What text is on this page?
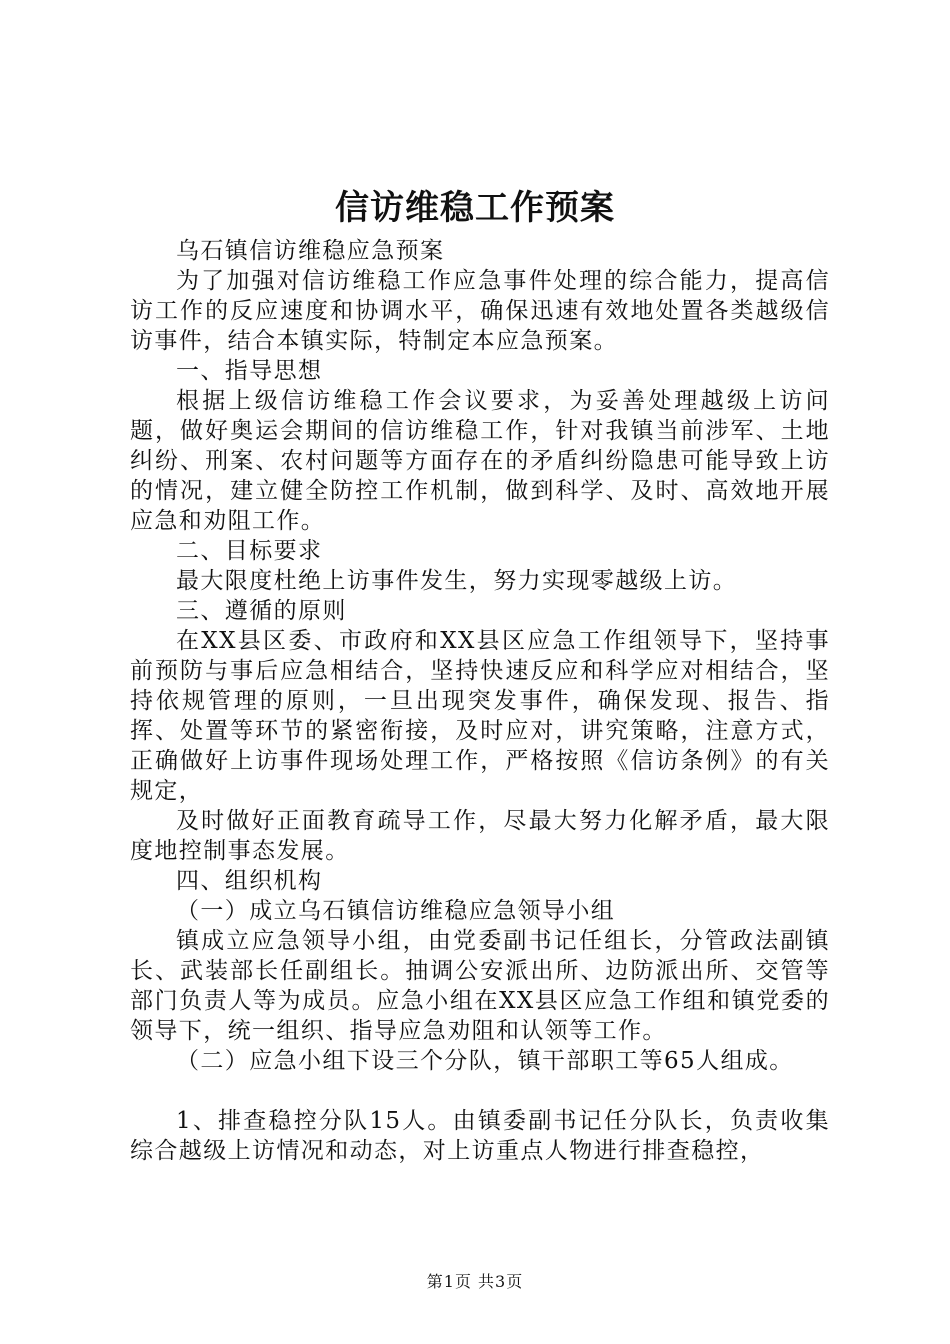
信访维稳工作预案

乌石镇信访维稳应急预案

为了加强对信访维稳工作应急事件处理的综合能力，提高信访工作的反应速度和协调水平，确保迅速有效地处置各类越级信访事件，结合本镇实际，特制定本应急预案。

一、指导思想

根据上级信访维稳工作会议要求，为妥善处理越级上访问题，做好奥运会期间的信访维稳工作，针对我镇当前涉军、土地纠纷、刑案、农村问题等方面存在的矛盾纠纷隐患可能导致上访的情况，建立健全防控工作机制，做到科学、及时、高效地开展应急和劝阻工作。

二、目标要求

最大限度杜绝上访事件发生，努力实现零越级上访。

三、遵循的原则

在XX县区委、市政府和XX县区应急工作组领导下，坚持事前预防与事后应急相结合，坚持快速反应和科学应对相结合，坚持依规管理的原则，一旦出现突发事件，确保发现、报告、指挥、处置等环节的紧密衔接，及时应对，讲究策略，注意方式，正确做好上访事件现场处理工作，严格按照《信访条例》的有关规定，

及时做好正面教育疏导工作，尽最大努力化解矛盾，最大限度地控制事态发展。

四、组织机构

（一）成立乌石镇信访维稳应急领导小组

镇成立应急领导小组，由党委副书记任组长，分管政法副镇长、武装部长任副组长。抽调公安派出所、边防派出所、交管等部门负责人等为成员。应急小组在XX县区应急工作组和镇党委的领导下，统一组织、指导应急劝阻和认领等工作。

（二）应急小组下设三个分队，镇干部职工等65人组成。

1、排查稳控分队15人。由镇委副书记任分队长，负责收集综合越级上访情况和动态，对上访重点人物进行排查稳控，

第1页 共3页
